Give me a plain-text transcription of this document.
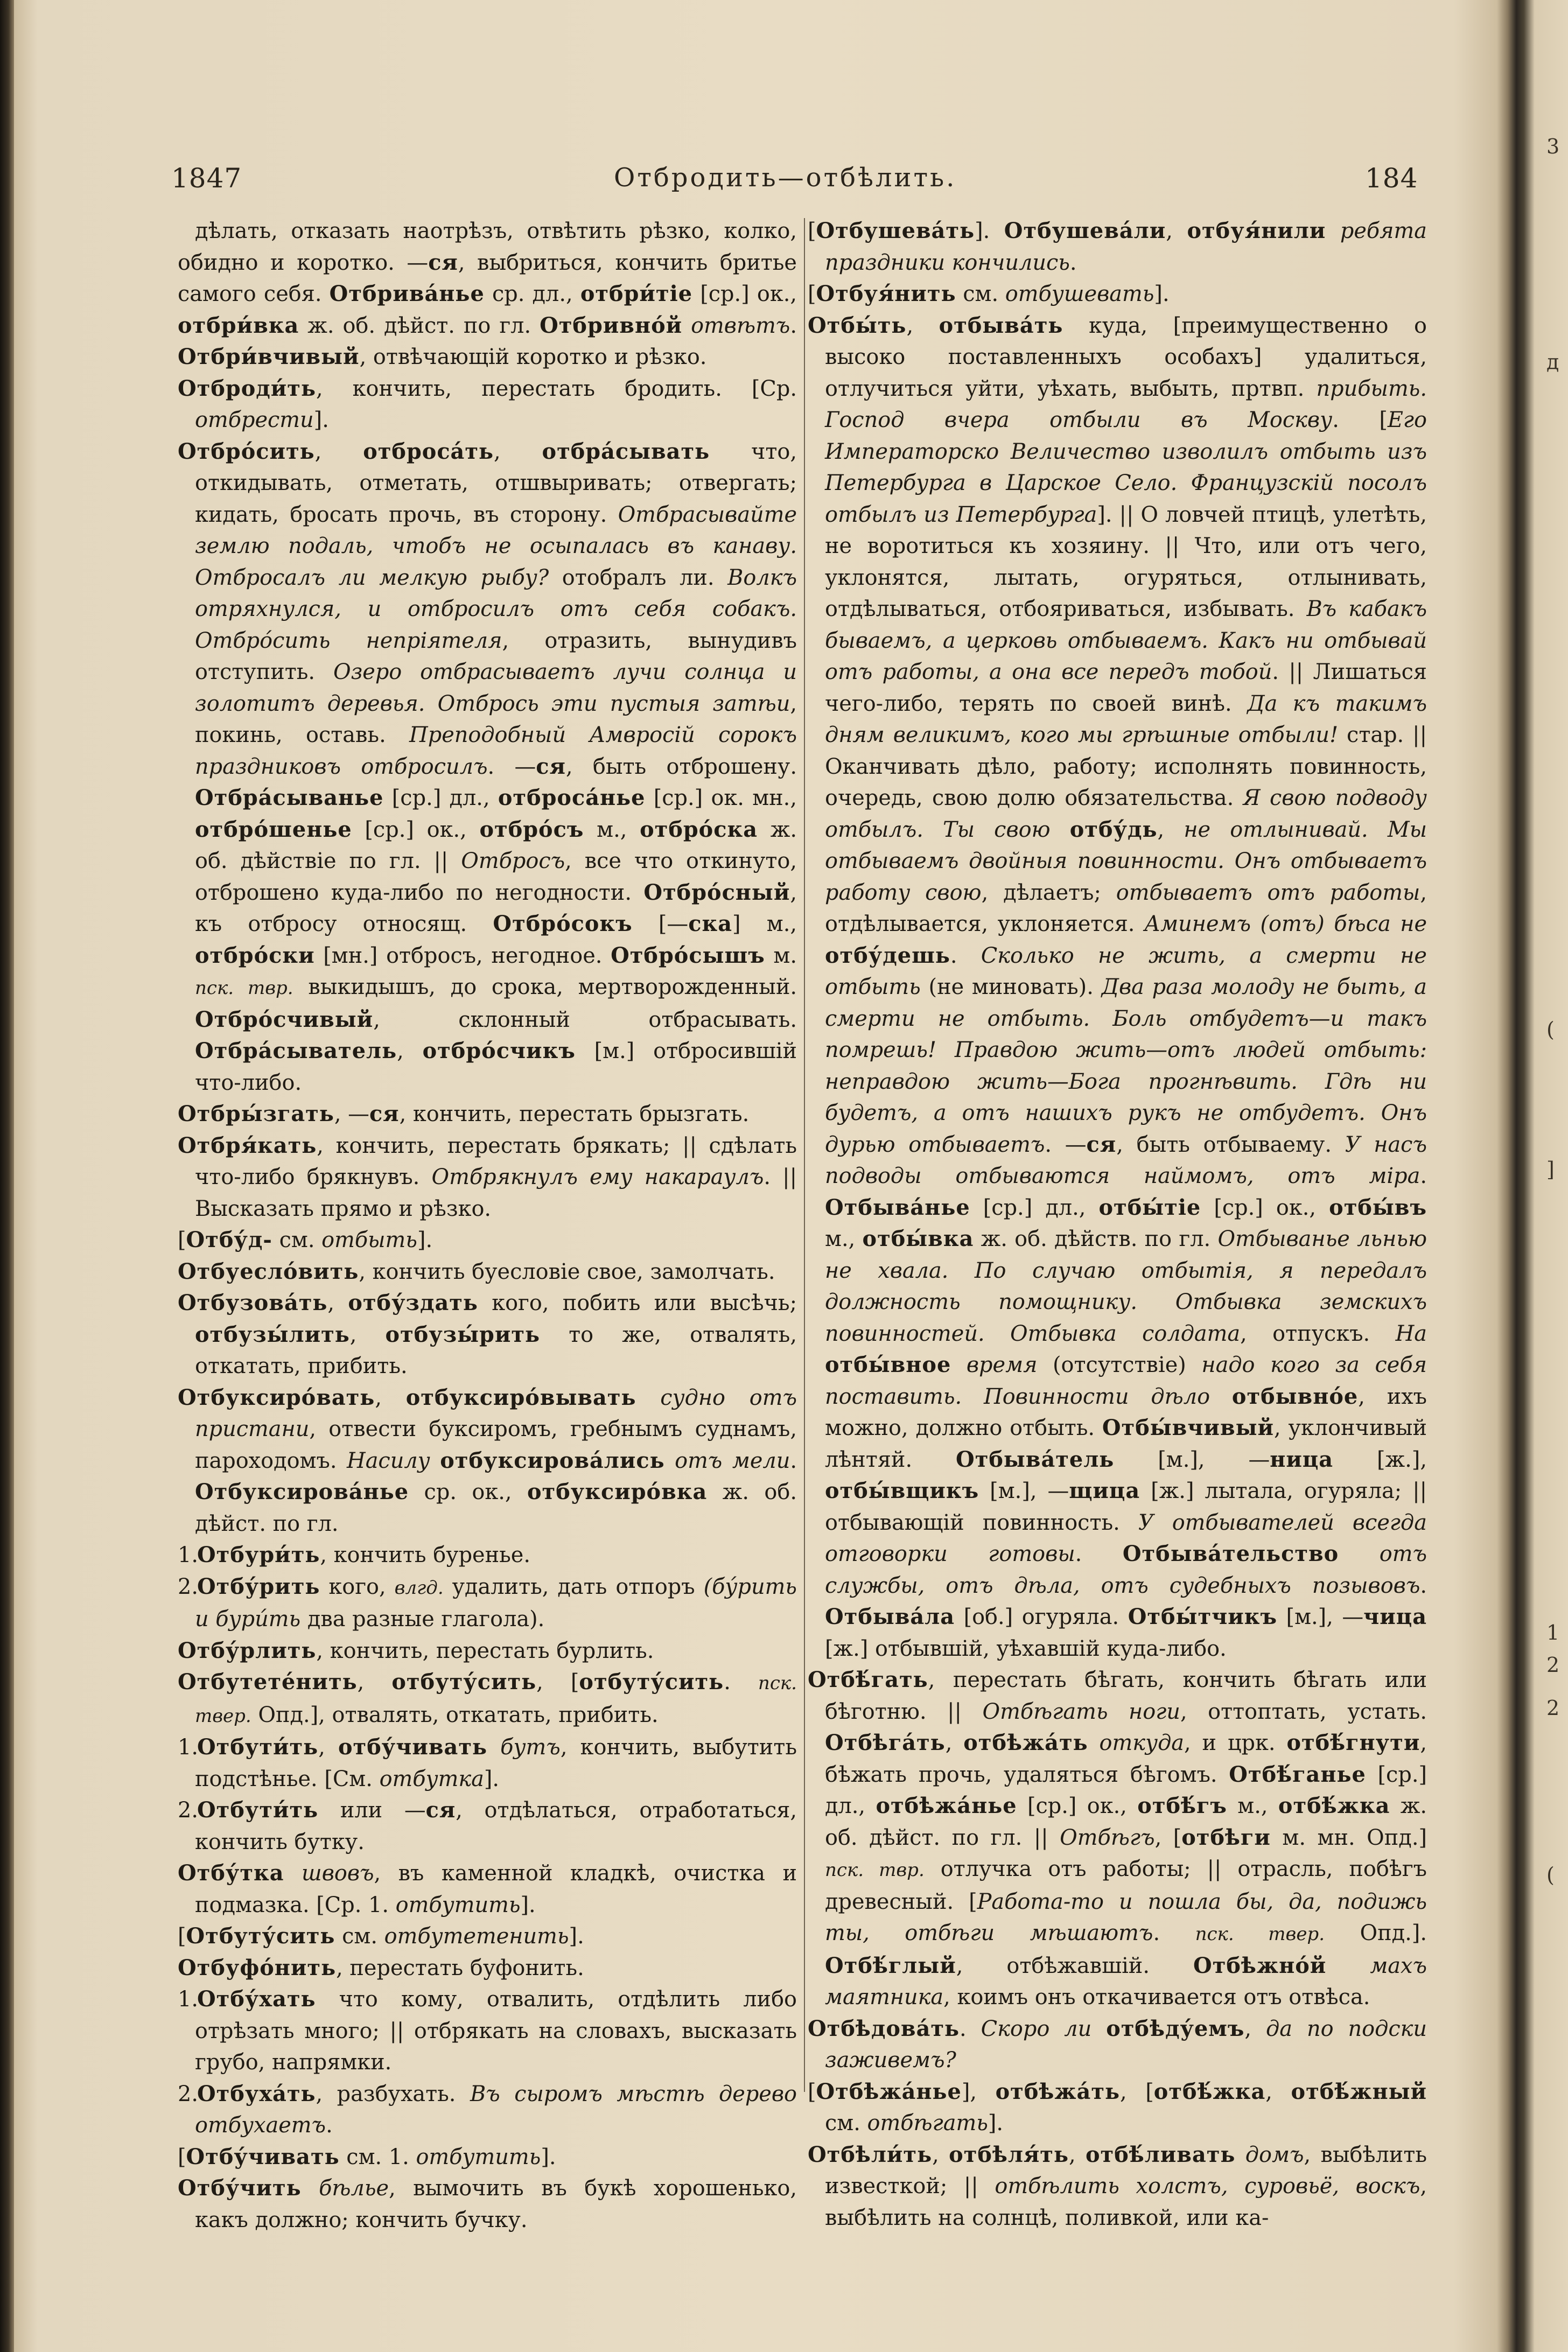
1847	Отбродить—отбѣлить.	184

дѣлать, отказать наотрѣзъ, отвѣтить рѣзко, колко, обидно и коротко. —ся, выбриться, кончить бритье самого себя. Отбрива́нье ср. дл., отбри́тіе [ср.] ок., отбри́вка ж. об. дѣйст. по гл. Отбривно́й отвѣтъ. Отбри́вчивый, отвѣчающій коротко и рѣзко.

Отброди́ть, кончить, перестать бродить. [Ср. отбрести].

Отбро́сить, отброса́ть, отбра́сывать что, откидывать, отметать, отшвыривать; отвергать; кидать, бросать прочь, въ сторону. Отбрасывайте землю подаль, чтобъ не осыпалась въ канаву. Отбросалъ ли мелкую рыбу? отобралъ ли. Волкъ отряхнулся, и отбросилъ отъ себя собакъ. Отбро́сить непріятеля, отразить, вынудивъ отступить. Озеро отбрасываетъ лучи солнца и золотитъ деревья. Отбрось эти пустыя затѣи, покинь, оставь. Преподобный Амвросій сорокъ праздниковъ отбросилъ. —ся, быть отброшену. Отбра́сыванье [ср.] дл., отброса́нье [ср.] ок. мн., отбро́шенье [ср.] ок., отбро́съ м., отбро́ска ж. об. дѣйствіе по гл. || Отбросъ, все что откинуто, отброшено куда-либо по негодности. Отбро́сный, къ отбросу относящ. Отбро́сокъ [—ска] м., отбро́ски [мн.] отбросъ, негодное. Отбро́сышъ м. пск. твр. выкидышъ, до срока, мертворожденный. Отбро́счивый, склонный отбрасывать. Отбра́сыватель, отбро́счикъ [м.] отбросившій что-либо.

Отбры́згать, —ся, кончить, перестать брызгать.

Отбря́кать, кончить, перестать брякать; || сдѣлать что-либо брякнувъ. Отбрякнулъ ему накараулъ. || Высказать прямо и рѣзко.

[Отбу́д- см. отбыть].

Отбуесло́вить, кончить буесловіе свое, замолчать.

Отбузова́ть, отбу́здать кого, побить или высѣчь; отбузы́лить, отбузы́рить то же, отвалять, откатать, прибить.

Отбуксиро́вать, отбуксиро́вывать судно отъ пристани, отвести буксиромъ, гребнымъ суднамъ, пароходомъ. Насилу отбуксирова́лись отъ мели. Отбуксирова́нье ср. ок., отбуксиро́вка ж. об. дѣйст. по гл.

1.Отбури́ть, кончить буренье.

2.Отбу́рить кого, влгд. удалить, дать отпоръ (бу́рить и бури́ть два разные глагола).

Отбу́рлить, кончить, перестать бурлить.

Отбутете́нить, отбуту́сить, [отбуту́сить. пск. твер. Опд.], отвалять, откатать, прибить.

1.Отбути́ть, отбу́чивать бутъ, кончить, выбутить подстѣнье. [См. отбутка].

2.Отбути́ть или —ся, отдѣлаться, отработаться, кончить бутку.

Отбу́тка швовъ, въ каменной кладкѣ, очистка и подмазка. [Ср. 1. отбутить].

[Отбуту́сить см. отбутетенить].

Отбуфо́нить, перестать буфонить.

1.Отбу́хать что кому, отвалить, отдѣлить либо отрѣзать много; || отбрякать на словахъ, высказать грубо, напрямки.

2.Отбуха́ть, разбухать. Въ сыромъ мѣстѣ дерево отбухаетъ.

[Отбу́чивать см. 1. отбутить].

Отбу́чить бѣлье, вымочить въ букѣ хорошенько, какъ должно; кончить бучку.

[Отбушева́ть]. Отбушева́ли, отбуя́нили ребята праздники кончились.

[Отбуя́нить см. отбушевать].

Отбы́ть, отбыва́ть куда, [преимущественно о высоко поставленныхъ особахъ] удалиться, отлучиться уйти, уѣхать, выбыть, пртвп. прибыть. Господ вчера отбыли въ Москву. [Его Императорско Величество изволилъ отбыть изъ Петербурга в Царское Село. Французскій посолъ отбылъ из Петербурга]. || О ловчей птицѣ, улетѣть, не воротиться къ хозяину. || Что, или отъ чего, уклонятся, лытать, огуряться, отлынивать, отдѣлываться, отбояриваться, избывать. Въ кабакъ бываемъ, а церковь отбываемъ. Какъ ни отбывай отъ работы, а она все передъ тобой. || Лишаться чего-либо, терять по своей винѣ. Да къ такимъ дням великимъ, кого мы грѣшные отбыли! стар. || Оканчивать дѣло, работу; исполнять повинность, очередь, свою долю обязательства. Я свою подводу отбылъ. Ты свою отбу́дь, не отлынивай. Мы отбываемъ двойныя повинности. Онъ отбываетъ работу свою, дѣлаетъ; отбываетъ отъ работы, отдѣлывается, уклоняется. Аминемъ (отъ) бѣса не отбу́дешь. Сколько не жить, а смерти не отбыть (не миновать). Два раза молоду не быть, а смерти не отбыть. Боль отбудетъ—и такъ помрешь! Правдою жить—отъ людей отбыть: неправдою жить—Бога прогнѣвить. Гдѣ ни будетъ, а отъ нашихъ рукъ не отбудетъ. Онъ дурью отбываетъ. —ся, быть отбываему. У насъ подводы отбываются наймомъ, отъ міра. Отбыва́нье [ср.] дл., отбы́тіе [ср.] ок., отбы́въ м., отбы́вка ж. об. дѣйств. по гл. Отбыванье льнью не хвала. По случаю отбытія, я передалъ должность помощнику. Отбывка земскихъ повинностей. Отбывка солдата, отпускъ. На отбы́вное время (отсутствіе) надо кого за себя поставить. Повинности дѣло отбывно́е, ихъ можно, должно отбыть. Отбы́вчивый, уклончивый лѣнтяй. Отбыва́тель [м.], —ница [ж.], отбы́вщикъ [м.], —щица [ж.] лытала, огуряла; || отбывающій повинность. У отбывателей всегда отговорки готовы. Отбыва́тельство отъ службы, отъ дѣла, отъ судебныхъ позывовъ. Отбыва́ла [об.] огуряла. Отбы́тчикъ [м.], —чица [ж.] отбывшій, уѣхавшій куда-либо.

Отбѣ́гать, перестать бѣгать, кончить бѣгать или бѣготню. || Отбѣгать ноги, оттоптать, устать. Отбѣга́ть, отбѣжа́ть откуда, и црк. отбѣ́гнути, бѣжать прочь, удаляться бѣгомъ. Отбѣ́ганье [ср.] дл., отбѣжа́нье [ср.] ок., отбѣ́гъ м., отбѣ́жка ж. об. дѣйст. по гл. || Отбѣгъ, [отбѣги м. мн. Опд.] пск. твр. отлучка отъ работы; || отрасль, побѣгъ древесный. [Работа-то и пошла бы, да, подижь ты, отбѣги мѣшаютъ. пск. твер. Опд.]. Отбѣ́глый, отбѣжавшій. Отбѣжно́й махъ маятника, коимъ онъ откачивается отъ отвѣса.

Отбѣдова́ть. Скоро ли отбѣду́емъ, да по подски заживемъ?

[Отбѣжа́нье], отбѣжа́ть, [отбѣ́жка, отбѣ́жный см. отбѣгать].

Отбѣли́ть, отбѣля́ть, отбѣ́ливать домъ, выбѣлить известкой; || отбѣлить холстъ, суровьё, воскъ, выбѣлить на солнцѣ, поливкой, или ка-

3
д
(
]
1
2
2
(
